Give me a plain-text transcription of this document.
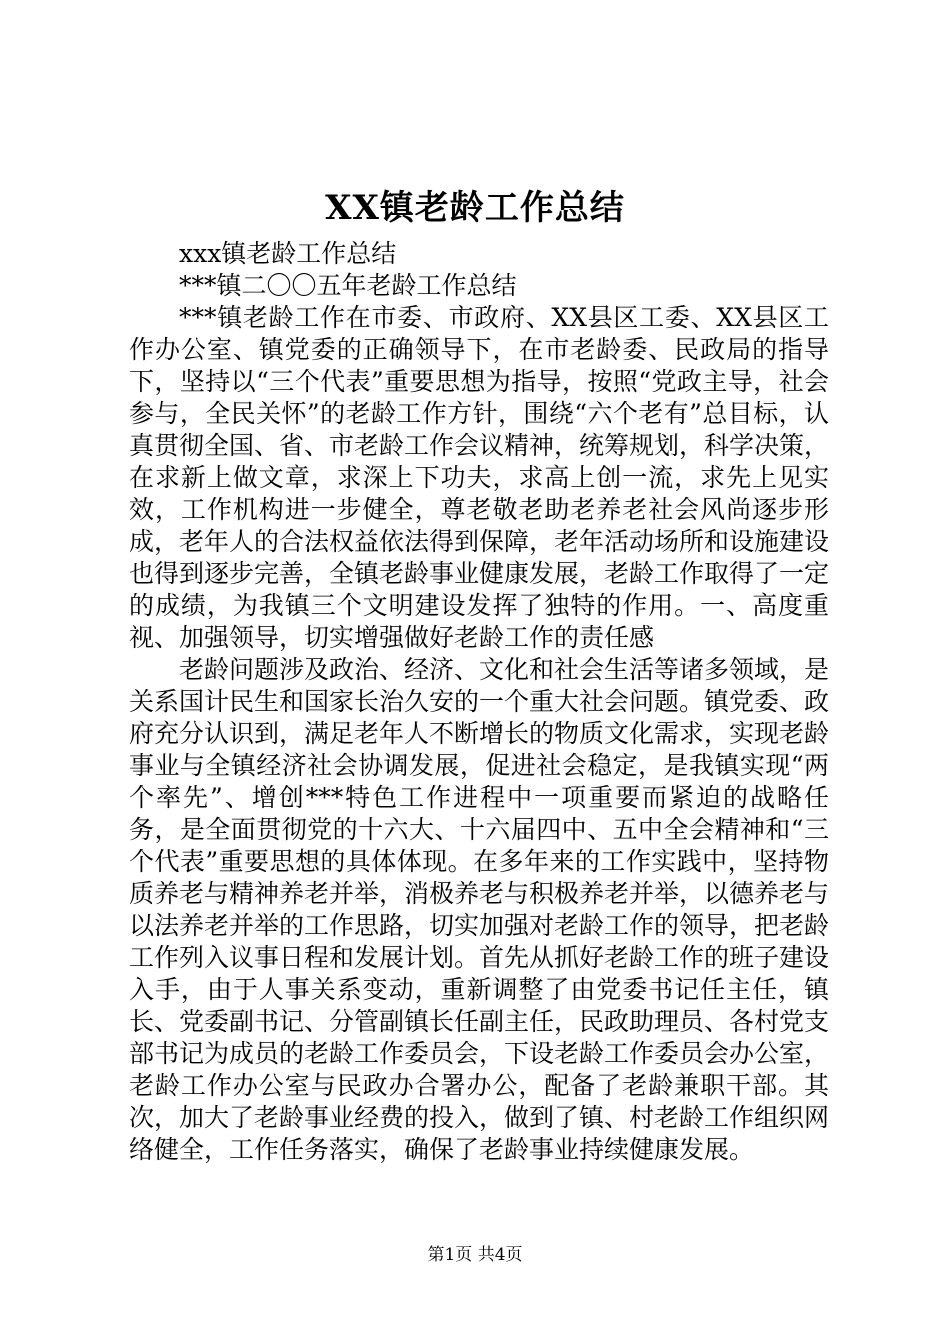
XX镇老龄工作总结

xxx镇老龄工作总结

***镇二〇〇五年老龄工作总结

***镇老龄工作在市委、市政府、XX县区工委、XX县区工作办公室、镇党委的正确领导下，在市老龄委、民政局的指导下，坚持以“三个代表”重要思想为指导，按照“党政主导，社会参与，全民关怀”的老龄工作方针，围绕“六个老有”总目标，认真贯彻全国、省、市老龄工作会议精神，统筹规划，科学决策，在求新上做文章，求深上下功夫，求高上创一流，求先上见实效，工作机构进一步健全，尊老敬老助老养老社会风尚逐步形成，老年人的合法权益依法得到保障，老年活动场所和设施建设也得到逐步完善，全镇老龄事业健康发展，老龄工作取得了一定的成绩，为我镇三个文明建设发挥了独特的作用。一、高度重视、加强领导，切实增强做好老龄工作的责任感

老龄问题涉及政治、经济、文化和社会生活等诸多领域，是关系国计民生和国家长治久安的一个重大社会问题。镇党委、政府充分认识到，满足老年人不断增长的物质文化需求，实现老龄事业与全镇经济社会协调发展，促进社会稳定，是我镇实现“两个率先”、增创***特色工作进程中一项重要而紧迫的战略任务，是全面贯彻党的十六大、十六届四中、五中全会精神和“三个代表”重要思想的具体体现。在多年来的工作实践中，坚持物质养老与精神养老并举，消极养老与积极养老并举，以德养老与以法养老并举的工作思路，切实加强对老龄工作的领导，把老龄工作列入议事日程和发展计划。首先从抓好老龄工作的班子建设入手，由于人事关系变动，重新调整了由党委书记任主任，镇长、党委副书记、分管副镇长任副主任，民政助理员、各村党支部书记为成员的老龄工作委员会，下设老龄工作委员会办公室，老龄工作办公室与民政办合署办公，配备了老龄兼职干部。其次，加大了老龄事业经费的投入，做到了镇、村老龄工作组织网络健全，工作任务落实，确保了老龄事业持续健康发展。

第1页 共4页
